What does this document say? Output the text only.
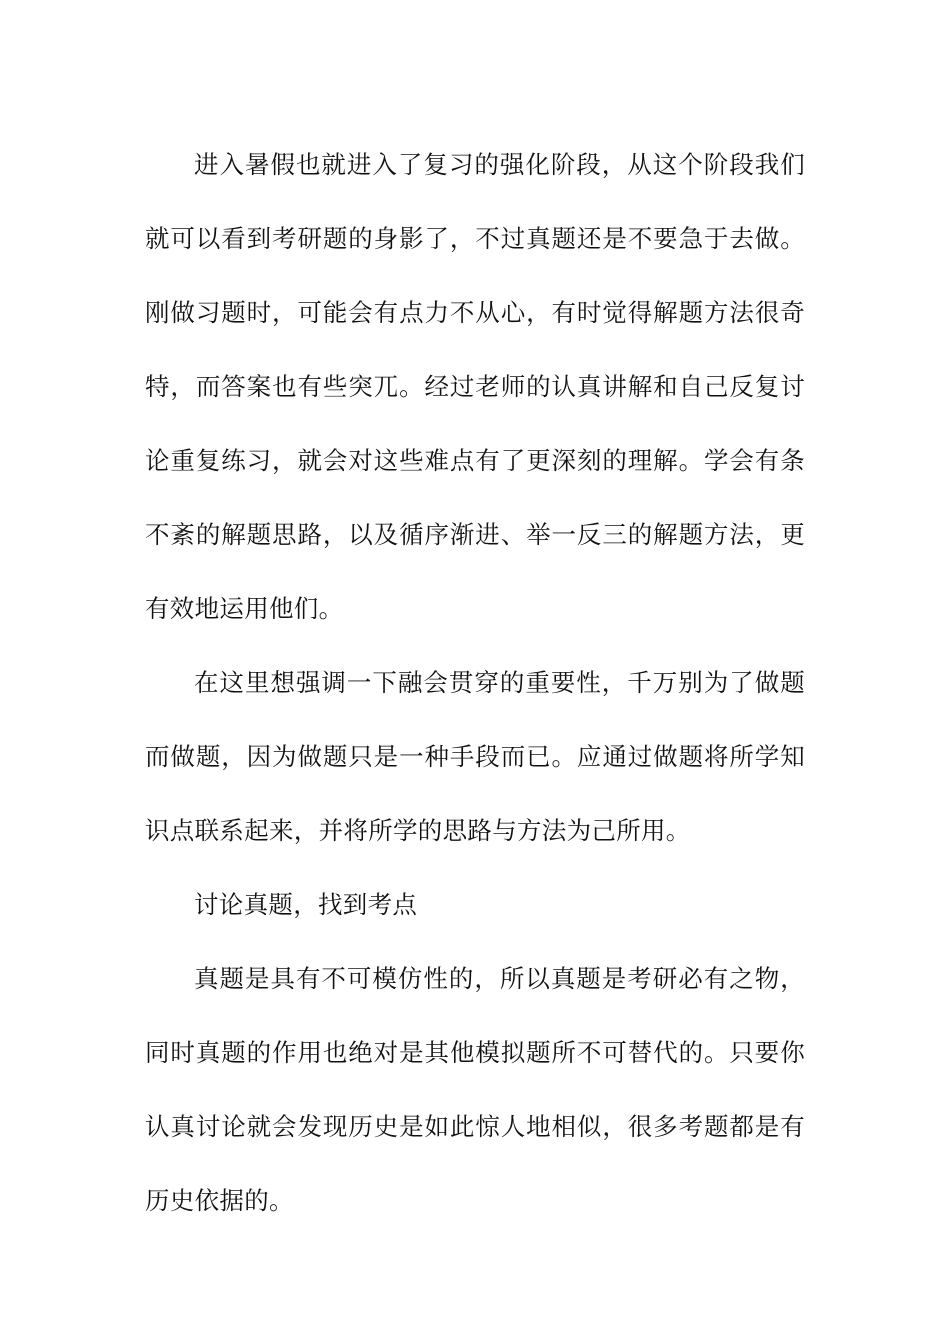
进入暑假也就进入了复习的强化阶段，从这个阶段我们就可以看到考研题的身影了，不过真题还是不要急于去做。刚做习题时，可能会有点力不从心，有时觉得解题方法很奇特，而答案也有些突兀。经过老师的认真讲解和自己反复讨论重复练习，就会对这些难点有了更深刻的理解。学会有条不紊的解题思路，以及循序渐进、举一反三的解题方法，更有效地运用他们。

在这里想强调一下融会贯穿的重要性，千万别为了做题而做题，因为做题只是一种手段而已。应通过做题将所学知识点联系起来，并将所学的思路与方法为己所用。

讨论真题，找到考点

真题是具有不可模仿性的，所以真题是考研必有之物，同时真题的作用也绝对是其他模拟题所不可替代的。只要你认真讨论就会发现历史是如此惊人地相似，很多考题都是有历史依据的。
